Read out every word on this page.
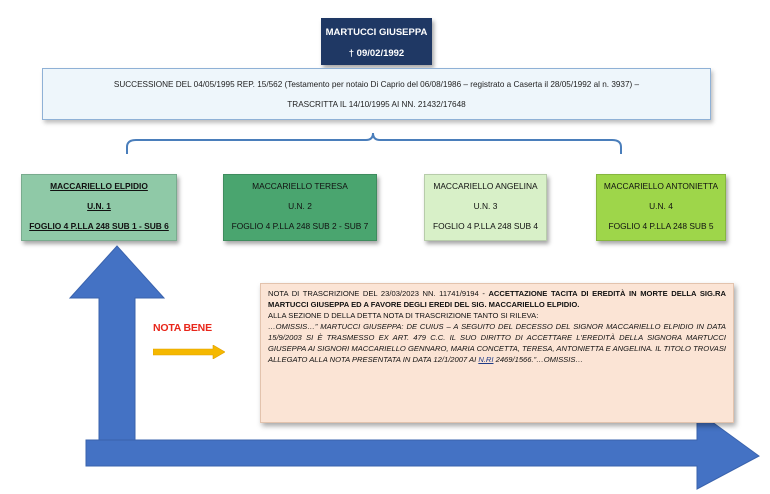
MARTUCCI GIUSEPPA
† 09/02/1992
SUCCESSIONE DEL 04/05/1995 REP. 15/562 (Testamento per notaio Di Caprio del 06/08/1986 – registrato a Caserta il 28/05/1992 al n. 3937) –
TRASCRITTA IL 14/10/1995 AI NN. 21432/17648
MACCARIELLO ELPIDIO
U.N. 1
FOGLIO 4 P.LLA 248 SUB 1 - SUB 6
MACCARIELLO TERESA
U.N. 2
FOGLIO 4 P.LLA 248 SUB 2 - SUB 7
MACCARIELLO ANGELINA
U.N. 3
FOGLIO 4 P.LLA 248 SUB 4
MACCARIELLO ANTONIETTA
U.N. 4
FOGLIO 4 P.LLA 248 SUB 5
NOTA BENE

NOTA DI TRASCRIZIONE DEL 23/03/2023 NN. 11741/9194 - ACCETTAZIONE TACITA DI EREDITÀ IN MORTE DELLA SIG.RA MARTUCCI GIUSEPPA ED A FAVORE DEGLI EREDI DEL SIG. MACCARIELLO ELPIDIO.

ALLA SEZIONE D DELLA DETTA NOTA DI TRASCRIZIONE TANTO SI RILEVA:

…OMISSIS…” MARTUCCI GIUSEPPA: DE CUIUS – A SEGUITO DEL DECESSO DEL SIGNOR MACCARIELLO ELPIDIO IN DATA 15/9/2003 SI È TRASMESSO EX ART. 479 C.C. IL SUO DIRITTO DI ACCETTARE L'EREDITÀ DELLA SIGNORA MARTUCCI GIUSEPPA AI SIGNORI MACCARIELLO GENNARO, MARIA CONCETTA, TERESA, ANTONIETTA E ANGELINA. IL TITOLO TROVASI ALLEGATO ALLA NOTA PRESENTATA IN DATA 12/1/2007 AI N.RI 2469/1566.”…OMISSIS…
